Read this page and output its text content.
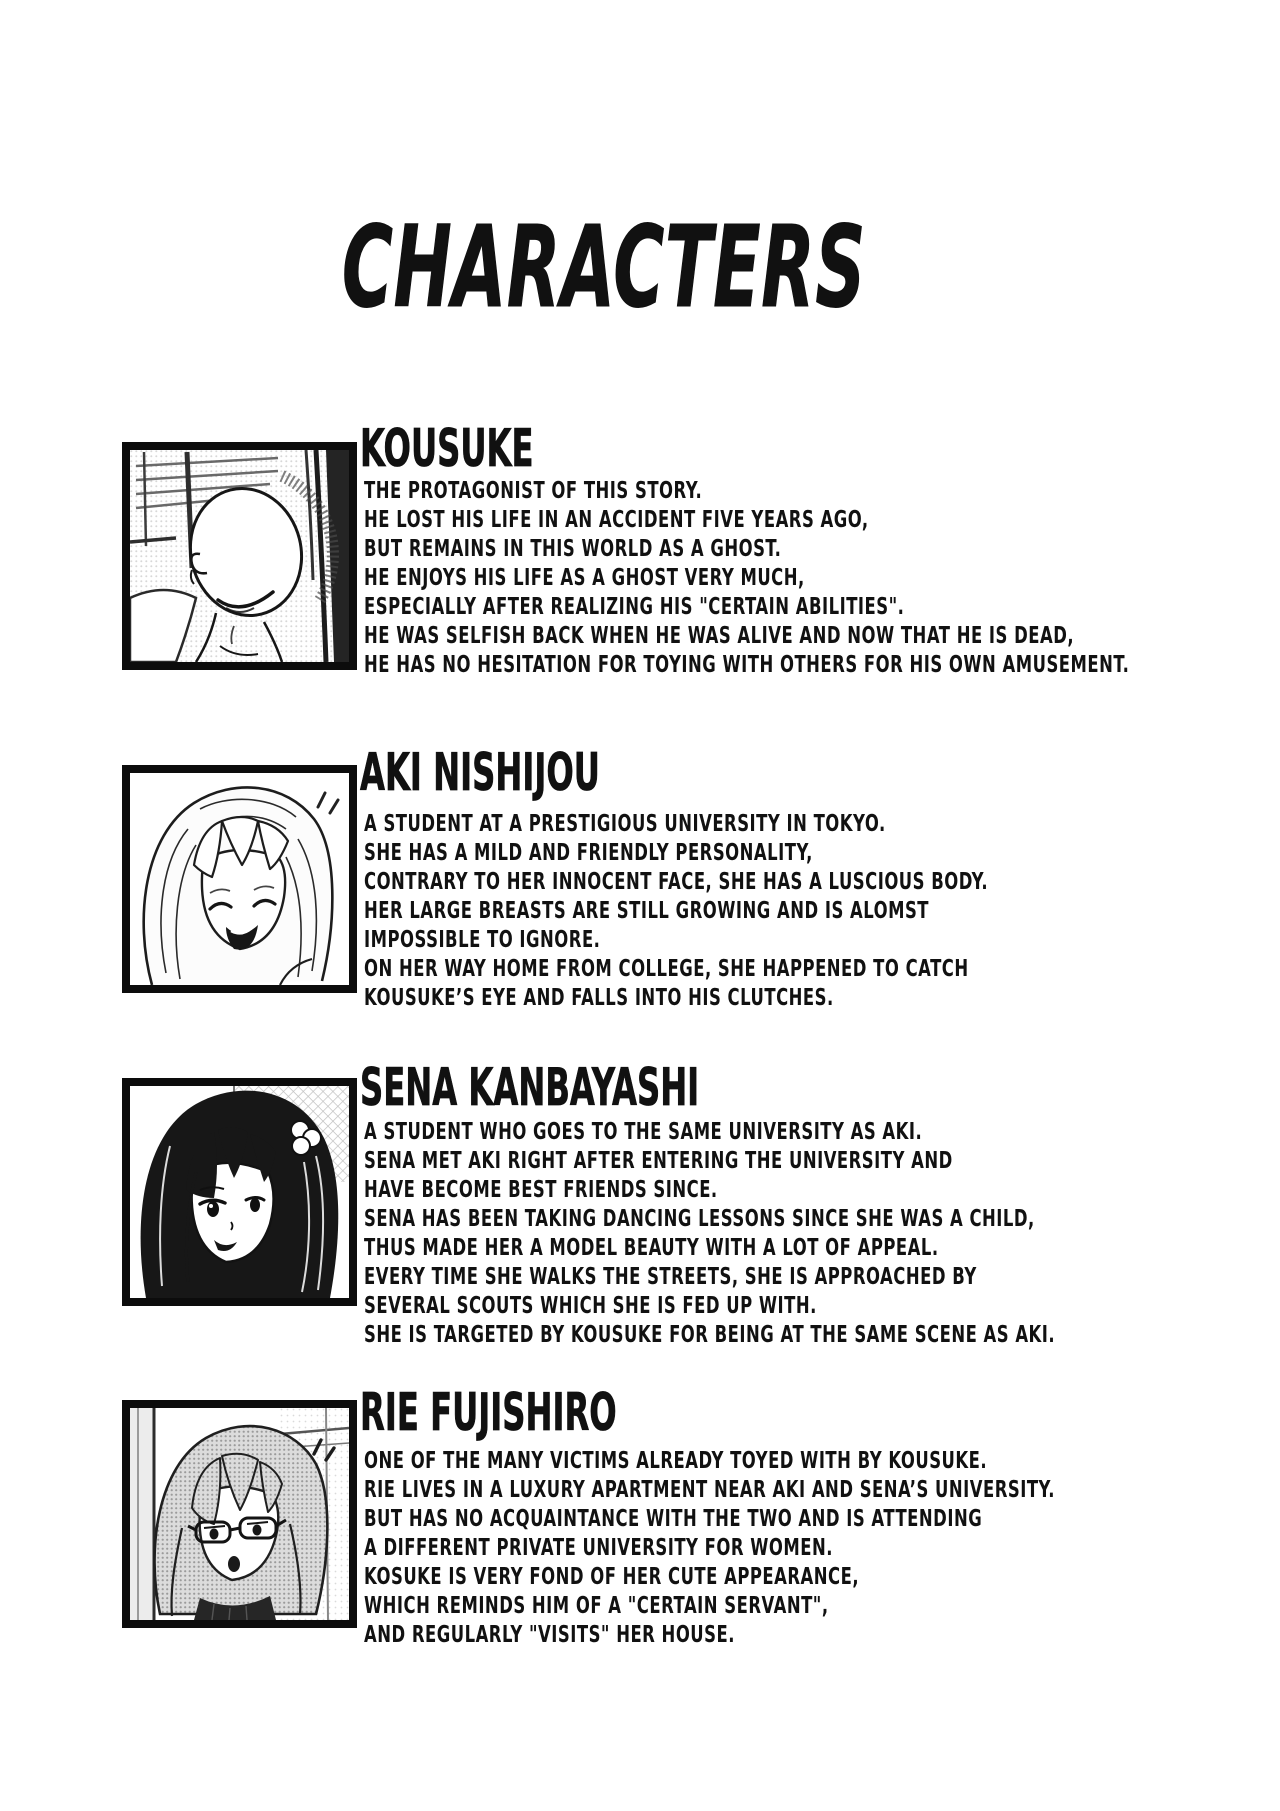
CHARACTERS
KOUSUKE
THE PROTAGONIST OF THIS STORY.
HE LOST HIS LIFE IN AN ACCIDENT FIVE YEARS AGO,
BUT REMAINS IN THIS WORLD AS A GHOST.
HE ENJOYS HIS LIFE AS A GHOST VERY MUCH,
ESPECIALLY AFTER REALIZING HIS "CERTAIN ABILITIES".
HE WAS SELFISH BACK WHEN HE WAS ALIVE AND NOW THAT HE IS DEAD,
HE HAS NO HESITATION FOR TOYING WITH OTHERS FOR HIS OWN AMUSEMENT.
AKI NISHIJOU
A STUDENT AT A PRESTIGIOUS UNIVERSITY IN TOKYO.
SHE HAS A MILD AND FRIENDLY PERSONALITY,
CONTRARY TO HER INNOCENT FACE, SHE HAS A LUSCIOUS BODY.
HER LARGE BREASTS ARE STILL GROWING AND IS ALOMST
IMPOSSIBLE TO IGNORE.
ON HER WAY HOME FROM COLLEGE, SHE HAPPENED TO CATCH
KOUSUKE’S EYE AND FALLS INTO HIS CLUTCHES.
SENA KANBAYASHI
A STUDENT WHO GOES TO THE SAME UNIVERSITY AS AKI.
SENA MET AKI RIGHT AFTER ENTERING THE UNIVERSITY AND
HAVE BECOME BEST FRIENDS SINCE.
SENA HAS BEEN TAKING DANCING LESSONS SINCE SHE WAS A CHILD,
THUS MADE HER A MODEL BEAUTY WITH A LOT OF APPEAL.
EVERY TIME SHE WALKS THE STREETS, SHE IS APPROACHED BY
SEVERAL SCOUTS WHICH SHE IS FED UP WITH.
SHE IS TARGETED BY KOUSUKE FOR BEING AT THE SAME SCENE AS AKI.
RIE FUJISHIRO
ONE OF THE MANY VICTIMS ALREADY TOYED WITH BY KOUSUKE.
RIE LIVES IN A LUXURY APARTMENT NEAR AKI AND SENA’S UNIVERSITY.
BUT HAS NO ACQUAINTANCE WITH THE TWO AND IS ATTENDING
A DIFFERENT PRIVATE UNIVERSITY FOR WOMEN.
KOSUKE IS VERY FOND OF HER CUTE APPEARANCE,
WHICH REMINDS HIM OF A "CERTAIN SERVANT",
AND REGULARLY "VISITS" HER HOUSE.
